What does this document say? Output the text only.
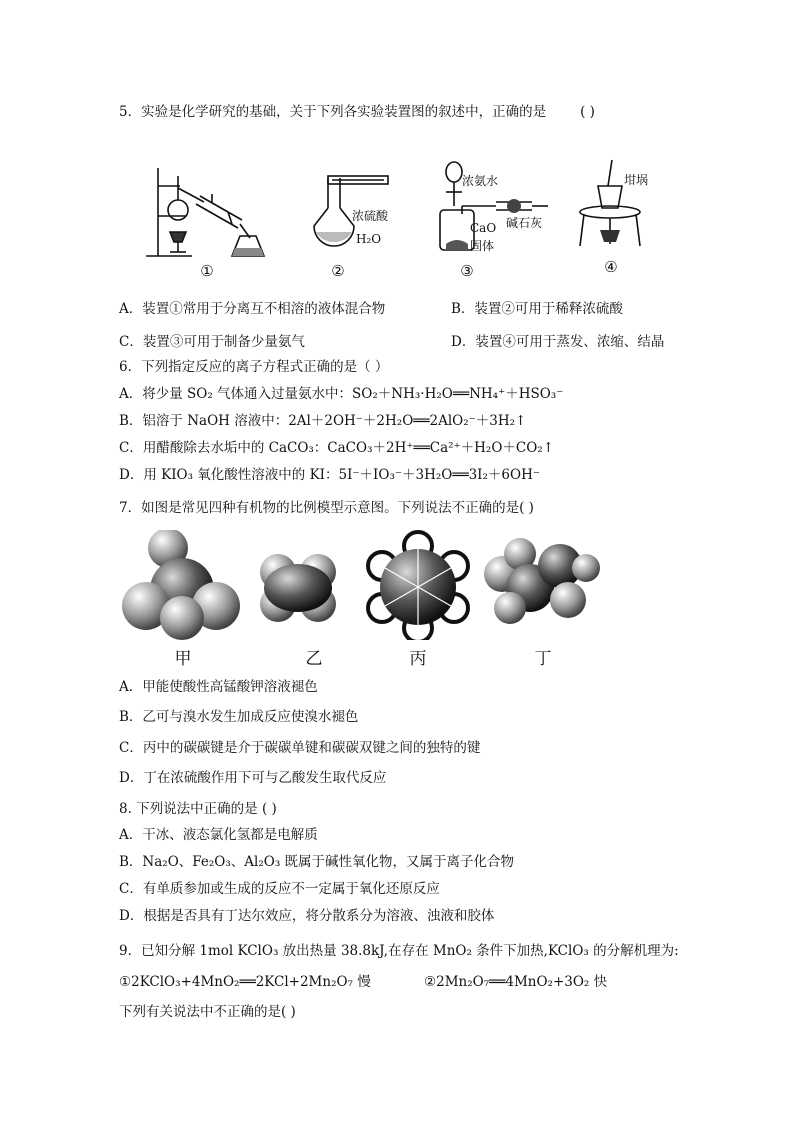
5．实验是化学研究的基础，关于下列各实验装置图的叙述中，正确的是	( )
①
浓硫酸
H₂O
②
浓氨水
CaO
固体
碱石灰
③
坩埚
④
A．装置①常用于分离互不相溶的液体混合物	B．装置②可用于稀释浓硫酸
C．装置③可用于制备少量氨气	D．装置④可用于蒸发、浓缩、结晶
6．下列指定反应的离子方程式正确的是（ ）
A．将少量 SO₂ 气体通入过量氨水中：SO₂＋NH₃·H₂O══NH₄⁺＋HSO₃⁻
B．铝溶于 NaOH 溶液中：2Al＋2OH⁻＋2H₂O══2AlO₂⁻＋3H₂↑
C．用醋酸除去水垢中的 CaCO₃：CaCO₃＋2H⁺══Ca²⁺＋H₂O＋CO₂↑
D．用 KIO₃ 氧化酸性溶液中的 KI：5I⁻＋IO₃⁻＋3H₂O══3I₂＋6OH⁻
7．如图是常见四种有机物的比例模型示意图。下列说法不正确的是( )
甲	乙	丙	丁
A．甲能使酸性高锰酸钾溶液褪色
B．乙可与溴水发生加成反应使溴水褪色
C．丙中的碳碳键是介于碳碳单键和碳碳双键之间的独特的键
D．丁在浓硫酸作用下可与乙酸发生取代反应
8. 下列说法中正确的是 ( )
A．干冰、液态氯化氢都是电解质
B．Na₂O、Fe₂O₃、Al₂O₃ 既属于碱性氧化物，又属于离子化合物
C．有单质参加或生成的反应不一定属于氧化还原反应
D．根据是否具有丁达尔效应，将分散系分为溶液、浊液和胶体
9．已知分解 1mol KClO₃ 放出热量 38.8kJ,在存在 MnO₂ 条件下加热,KClO₃ 的分解机理为:
①2KClO₃+4MnO₂══2KCl+2Mn₂O₇ 慢	②2Mn₂O₇══4MnO₂+3O₂ 快
下列有关说法中不正确的是( )
